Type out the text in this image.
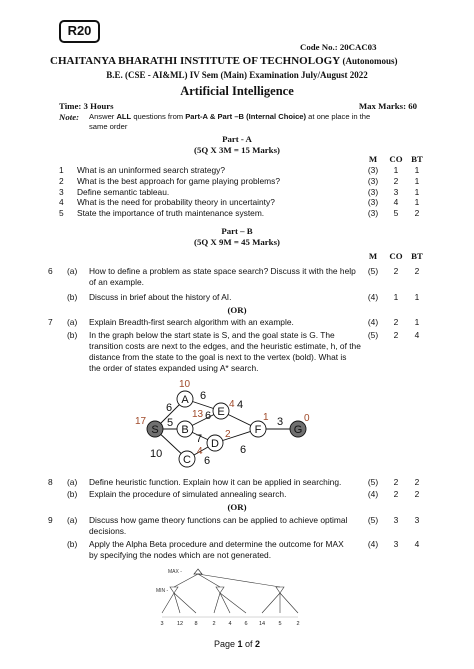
R20
Code No.: 20CAC03
CHAITANYA BHARATHI INSTITUTE OF TECHNOLOGY (Autonomous)
B.E. (CSE - AI&ML) IV Sem (Main) Examination July/August 2022
Artificial Intelligence
Time: 3 Hours	Max Marks: 60
Note: Answer ALL questions from Part-A & Part –B (Internal Choice) at one place in the
same order
Part - A
(5Q X 3M = 15 Marks)
M	CO BT
1 What is an uninformed search strategy?	(3)	1	1
2 What is the best approach for game playing problems?	(3)	2	1
3 Define semantic tableau.	(3)	3	1
4 What is the need for probability theory in uncertainty?	(3)	4	1
5 State the importance of truth maintenance system.	(3)	5	2
Part – B
(5Q X 9M = 45 Marks)
M	CO BT
6 (a) How to define a problem as state space search? Discuss it with the help
of an example.
(5)	2	2
(b) Discuss in brief about the history of AI.	(4)	1	1
(OR)
7 (a) Explain Breadth-first search algorithm with an example.	(4)	2	1
(b) In the graph below the start state is S, and the goal state is G. The
transition costs are next to the edges, and the heuristic estimate, h, of the
distance from the state to the goal is next to the vertex (bold). What is
the order of states expanded using A* search.
(5)	2	4
6
5
10
6
6
7
6
6
4
3
17
10
13
4
2
4
1	0
S
A
B
C
D
E
F	G
8 (a) Define heuristic function. Explain how it can be applied in searching.	(5)	2	2
(b) Explain the procedure of simulated annealing search.	(4)	2	2
(OR)
9 (a) Discuss how game theory functions can be applied to achieve optimal
decisions.
(5)	3	3
(b) Apply the Alpha Beta procedure and determine the outcome for MAX
by specifying the nodes which are not generated.
(4)	3	4
MAX -
MIN -
3 12 8	2 4 6 14 5	2
Page 1 of 2
